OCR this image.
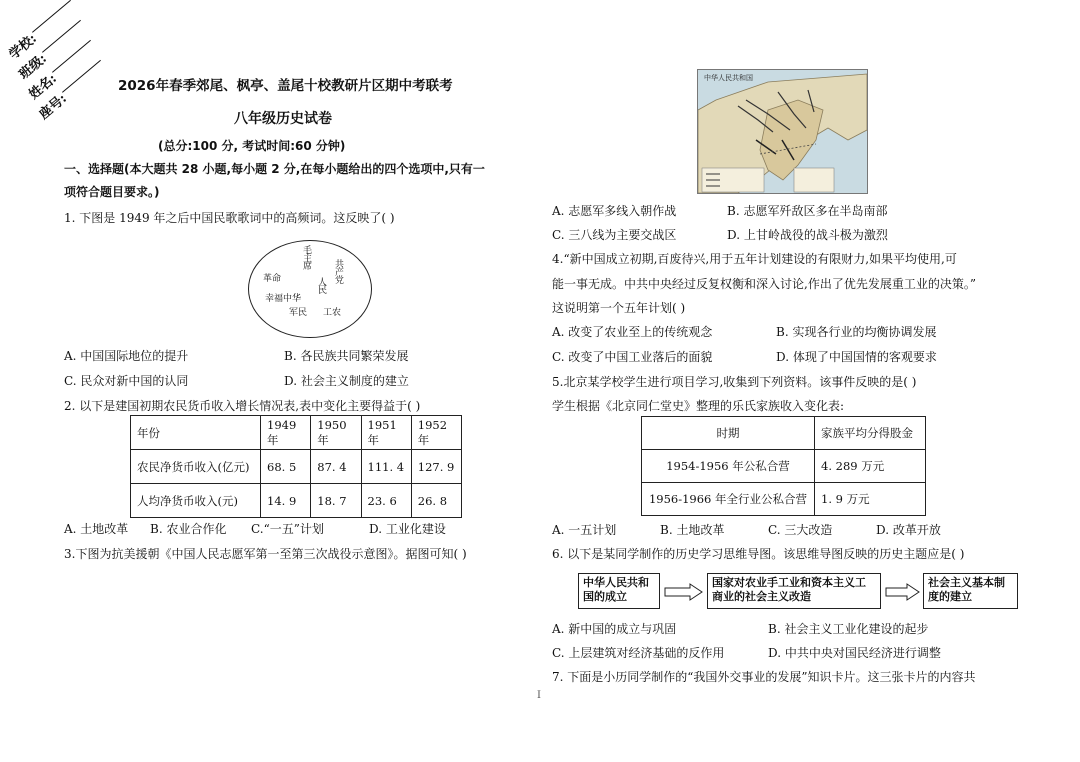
学校:
班级:
姓名:
座号:
2026年春季郊尾、枫亭、盖尾十校教研片区期中考联考
八年级历史试卷
(总分:100 分, 考试时间:60 分钟)
一、选择题(本大题共 28 小题,每小题 2 分,在每小题给出的四个选项中,只有一
项符合题目要求。)
1. 下图是 1949 年之后中国民歌歌词中的高频词。这反映了( )
毛主席
共产党
革命	人民
幸福中华
军民 工农
A. 中国国际地位的提升	B. 各民族共同繁荣发展
C. 民众对新中国的认同	D. 社会主义制度的建立
2. 以下是建国初期农民货币收入增长情况表,表中变化主要得益于( )
年份	1949 年	1950 年	1951 年	1952 年
农民净货币收入(亿元)	68. 5	87. 4	111. 4	127. 9
人均净货币收入(元)	14. 9	18. 7	23. 6	26. 8
A. 土地改革 B. 农业合作化 C.“一五”计划	D. 工业化建设
3.下图为抗美援朝《中国人民志愿军第一至第三次战役示意图》。据图可知( )
中华人民共和国
A. 志愿军多线入朝作战	B. 志愿军歼敌区多在半岛南部
C. 三八线为主要交战区	D. 上甘岭战役的战斗极为激烈
4.“新中国成立初期,百废待兴,用于五年计划建设的有限财力,如果平均使用,可
能一事无成。中共中央经过反复权衡和深入讨论,作出了优先发展重工业的决策。”
这说明第一个五年计划( )
A. 改变了农业至上的传统观念	B. 实现各行业的均衡协调发展
C. 改变了中国工业落后的面貌	D. 体现了中国国情的客观要求
5.北京某学校学生进行项目学习,收集到下列资料。该事件反映的是( )
学生根据《北京同仁堂史》整理的乐氏家族收入变化表:
时期	家族平均分得股金
1954-1956 年公私合营	4. 289 万元
1956-1966 年全行业公私合营	1. 9 万元
A. 一五计划	B. 土地改革	C. 三大改造	D. 改革开放
6. 以下是某同学制作的历史学习思维导图。该思维导图反映的历史主题应是( )
中华人民共和国的成立
国家对农业手工业和资本主义工商业的社会主义改造
社会主义基本制度的建立
A. 新中国的成立与巩固	B. 社会主义工业化建设的起步
C. 上层建筑对经济基础的反作用	D. 中共中央对国民经济进行调整
7. 下面是小历同学制作的“我国外交事业的发展”知识卡片。这三张卡片的内容共
I
